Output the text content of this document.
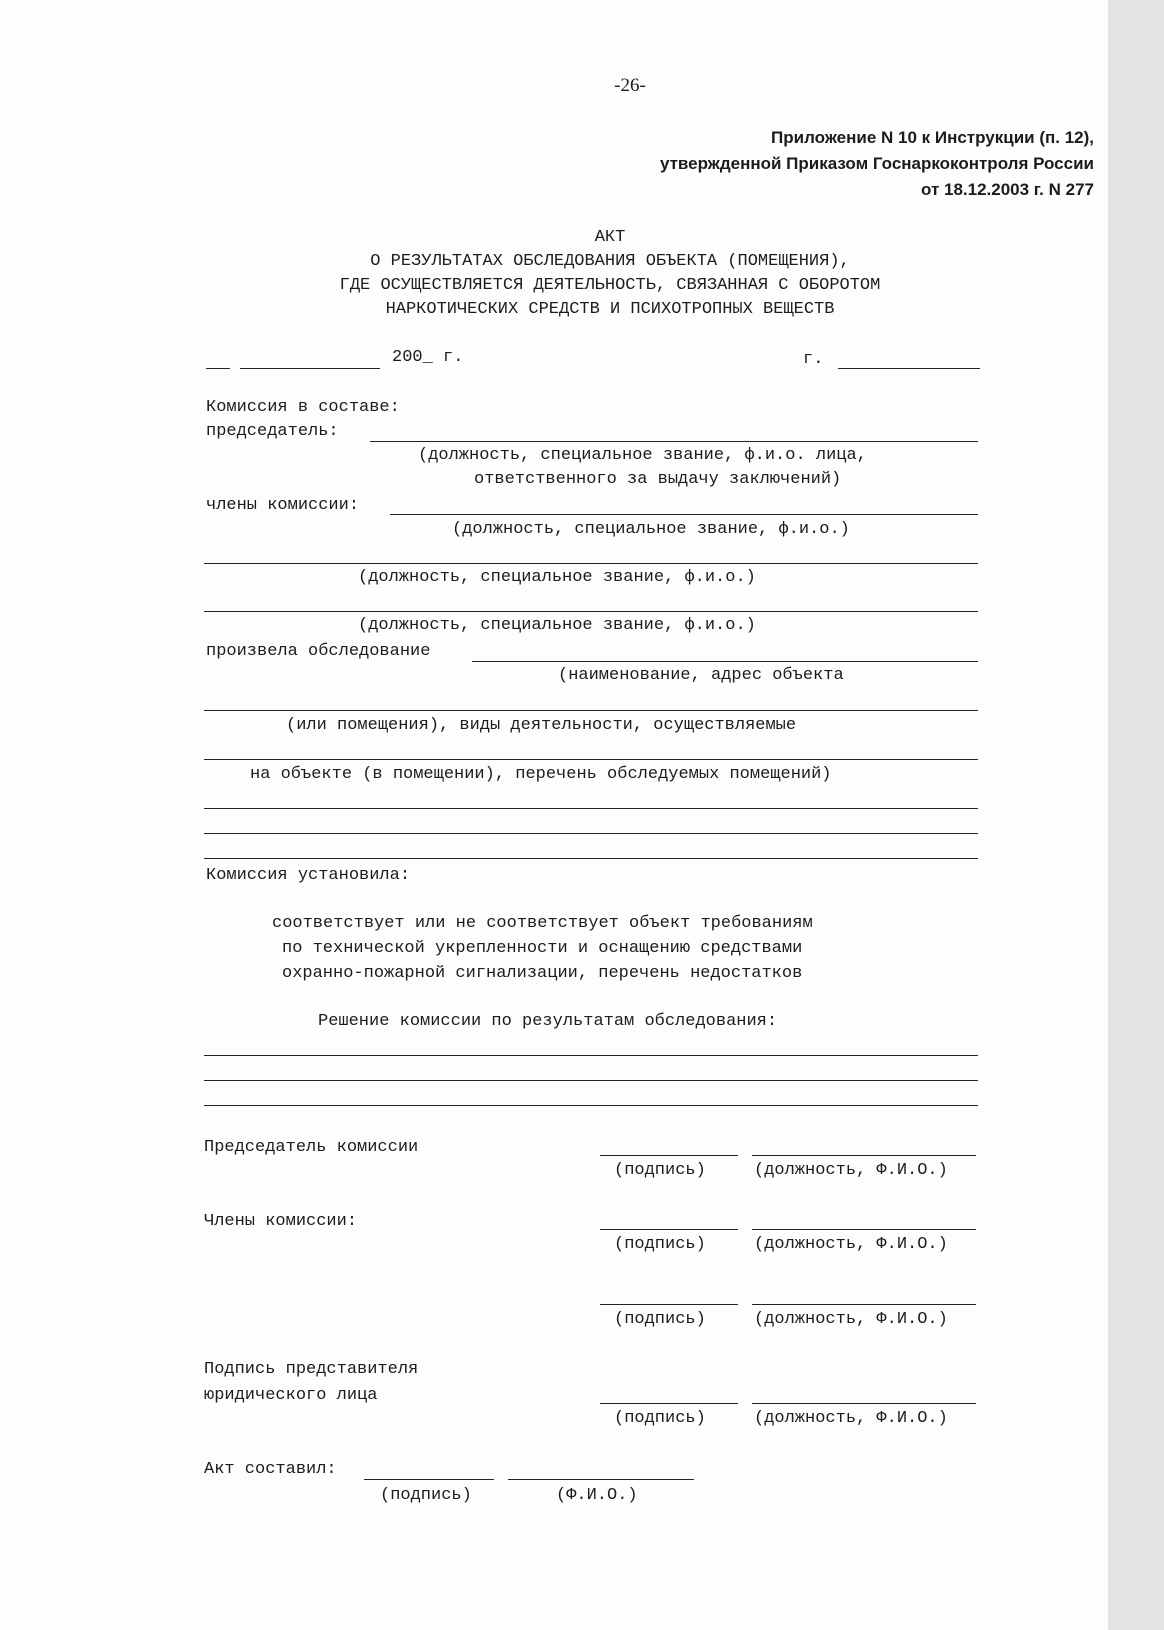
-26-
Приложение N 10 к Инструкции (п. 12),
утвержденной Приказом Госнаркоконтроля России
от 18.12.2003 г. N 277
АКТ
О РЕЗУЛЬТАТАХ ОБСЛЕДОВАНИЯ ОБЪЕКТА (ПОМЕЩЕНИЯ),
ГДЕ ОСУЩЕСТВЛЯЕТСЯ ДЕЯТЕЛЬНОСТЬ, СВЯЗАННАЯ С ОБОРОТОМ
НАРКОТИЧЕСКИХ СРЕДСТВ И ПСИХОТРОПНЫХ ВЕЩЕСТВ
200_ г.	г.
Комиссия в составе:
председатель:
(должность, специальное звание, ф.и.о. лица,
ответственного за выдачу заключений)
члены комиссии:
(должность, специальное звание, ф.и.о.)
(должность, специальное звание, ф.и.о.)
(должность, специальное звание, ф.и.о.)
произвела обследование
(наименование, адрес объекта
(или помещения), виды деятельности, осуществляемые
на объекте (в помещении), перечень обследуемых помещений)
Комиссия установила:
соответствует или не соответствует объект требованиям
по технической укрепленности и оснащению средствами
охранно-пожарной сигнализации, перечень недостатков
Решение комиссии по результатам обследования:
Председатель комиссии
(подпись)	(должность, Ф.И.О.)
Члены комиссии:
(подпись)	(должность, Ф.И.О.)
(подпись)	(должность, Ф.И.О.)
Подпись представителя
юридического лица
(подпись)	(должность, Ф.И.О.)
Акт составил:
(подпись)	(Ф.И.О.)
